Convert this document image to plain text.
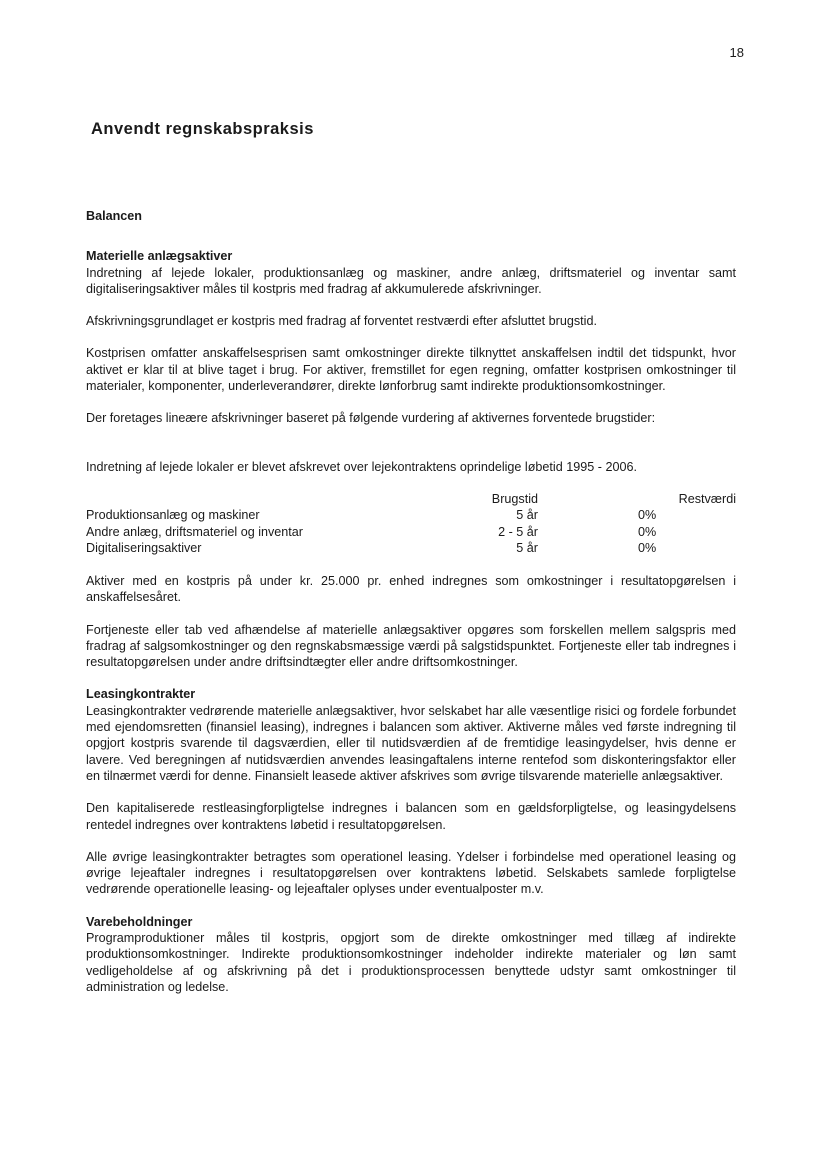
18
Anvendt regnskabspraksis
Balancen
Materielle anlægsaktiver

Indretning af lejede lokaler, produktionsanlæg og maskiner, andre anlæg, driftsmateriel og inventar samt digitaliseringsaktiver måles til kostpris med fradrag af akkumulerede afskrivninger.

Afskrivningsgrundlaget er kostpris med fradrag af forventet restværdi efter afsluttet brugstid.

Kostprisen omfatter anskaffelsesprisen samt omkostninger direkte tilknyttet anskaffelsen indtil det tidspunkt, hvor aktivet er klar til at blive taget i brug. For aktiver, fremstillet for egen regning, omfatter kostprisen omkostninger til materialer, komponenter, underleverandører, direkte lønforbrug samt indirekte produktionsomkostninger.

Der foretages lineære afskrivninger baseret på følgende vurdering af aktivernes forventede brugstider:

Indretning af lejede lokaler er blevet afskrevet over lejekontraktens oprindelige løbetid 1995 - 2006.

	Brugstid		Restværdi
Produktionsanlæg og maskiner	5 år		0%
Andre anlæg, driftsmateriel og inventar	2 - 5 år		0%
Digitaliseringsaktiver	5 år		0%

Aktiver med en kostpris på under kr. 25.000 pr. enhed indregnes som omkostninger i resultatopgørelsen i anskaffelsesåret.

Fortjeneste eller tab ved afhændelse af materielle anlægsaktiver opgøres som forskellen mellem salgspris med fradrag af salgsomkostninger og den regnskabsmæssige værdi på salgstidspunktet. Fortjeneste eller tab indregnes i resultatopgørelsen under andre driftsindtægter eller andre driftsomkostninger.

Leasingkontrakter

Leasingkontrakter vedrørende materielle anlægsaktiver, hvor selskabet har alle væsentlige risici og fordele forbundet med ejendomsretten (finansiel leasing), indregnes i balancen som aktiver. Aktiverne måles ved første indregning til opgjort kostpris svarende til dagsværdien, eller til nutidsværdien af de fremtidige leasingydelser, hvis denne er lavere. Ved beregningen af nutidsværdien anvendes leasingaftalens interne rentefod som diskonteringsfaktor eller en tilnærmet værdi for denne. Finansielt leasede aktiver afskrives som øvrige tilsvarende materielle anlægsaktiver.

Den kapitaliserede restleasingforpligtelse indregnes i balancen som en gældsforpligtelse, og leasingydelsens rentedel indregnes over kontraktens løbetid i resultatopgørelsen.

Alle øvrige leasingkontrakter betragtes som operationel leasing. Ydelser i forbindelse med operationel leasing og øvrige lejeaftaler indregnes i resultatopgørelsen over kontraktens løbetid. Selskabets samlede forpligtelse vedrørende operationelle leasing- og lejeaftaler oplyses under eventualposter m.v.

Varebeholdninger

Programproduktioner måles til kostpris, opgjort som de direkte omkostninger med tillæg af indirekte produktionsomkostninger. Indirekte produktionsomkostninger indeholder indirekte materialer og løn samt vedligeholdelse af og afskrivning på det i produktionsprocessen benyttede udstyr samt omkostninger til administration og ledelse.
